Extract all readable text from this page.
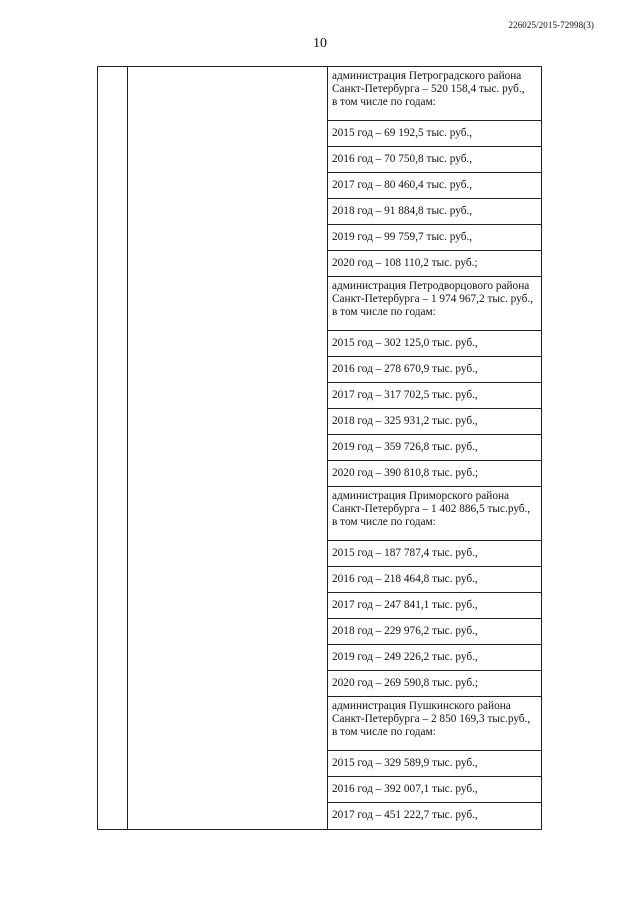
226025/2015-72998(3)
10
администрация Петроградского района
Санкт-Петербурга – 520 158,4 тыс. руб.,
в том числе по годам:
2015 год – 69 192,5 тыс. руб.,
2016 год – 70 750,8 тыс. руб.,
2017 год – 80 460,4 тыс. руб.,
2018 год – 91 884,8 тыс. руб.,
2019 год – 99 759,7 тыс. руб.,
2020 год – 108 110,2 тыс. руб.;
администрация Петродворцового района
Санкт-Петербурга – 1 974 967,2 тыс. руб.,
в том числе по годам:
2015 год – 302 125,0 тыс. руб.,
2016 год – 278 670,9 тыс. руб.,
2017 год – 317 702,5 тыс. руб.,
2018 год – 325 931,2 тыс. руб.,
2019 год – 359 726,8 тыс. руб.,
2020 год – 390 810,8 тыс. руб.;
администрация Приморского района
Санкт-Петербурга – 1 402 886,5 тыс.руб.,
в том числе по годам:
2015 год – 187 787,4 тыс. руб.,
2016 год – 218 464,8 тыс. руб.,
2017 год – 247 841,1 тыс. руб.,
2018 год – 229 976,2 тыс. руб.,
2019 год – 249 226,2 тыс. руб.,
2020 год – 269 590,8 тыс. руб.;
администрация Пушкинского района
Санкт-Петербурга – 2 850 169,3 тыс.руб.,
в том числе по годам:
2015 год – 329 589,9 тыс. руб.,
2016 год – 392 007,1 тыс. руб.,
2017 год – 451 222,7 тыс. руб.,
